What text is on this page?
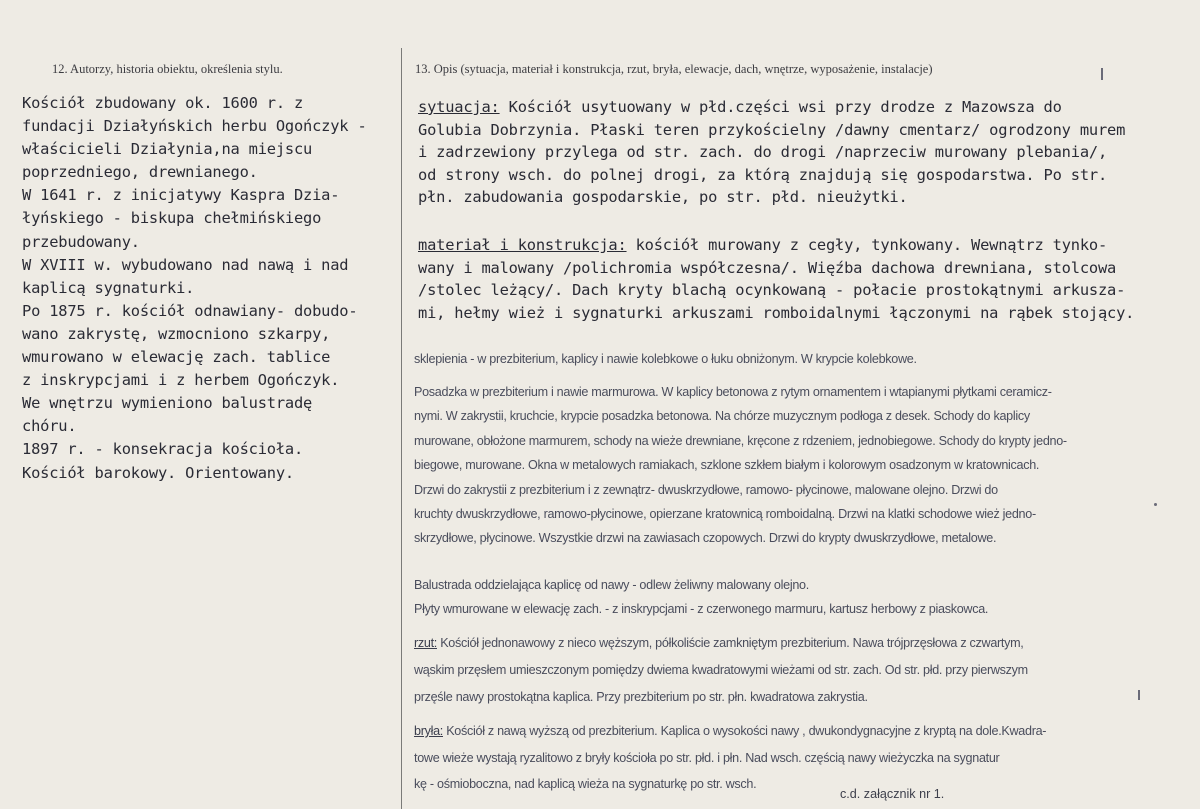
12. Autorzy, historia obiektu, określenia stylu.	13. Opis (sytuacja, materiał i konstrukcja, rzut, bryła, elewacje, dach, wnętrze, wyposażenie, instalacje)
Kościół zbudowany ok. 1600 r. z
fundacji Działyńskich herbu Ogończyk -
właścicieli Działynia,na miejscu
poprzedniego, drewnianego.
W 1641 r. z inicjatywy Kaspra Dzia-
łyńskiego - biskupa chełmińskiego
przebudowany.
W XVIII w. wybudowano nad nawą i nad
kaplicą sygnaturki.
Po 1875 r. kościół odnawiany- dobudo-
wano zakrystę, wzmocniono szkarpy,
wmurowano w elewację zach. tablice
z inskrypcjami i z herbem Ogończyk.
We wnętrzu wymieniono balustradę
chóru.
1897 r. - konsekracja kościoła.
Kościół barokowy. Orientowany.
sytuacja: Kościół usytuowany w płd.części wsi przy drodze z Mazowsza do
Golubia Dobrzynia. Płaski teren przykościelny /dawny cmentarz/ ogrodzony murem
i zadrzewiony przylega od str. zach. do drogi /naprzeciw murowany plebania/,
od strony wsch. do polnej drogi, za którą znajdują się gospodarstwa. Po str.
płn. zabudowania gospodarskie, po str. płd. nieużytki.
materiał i konstrukcja: kościół murowany z cegły, tynkowany. Wewnątrz tynko-
wany i malowany /polichromia współczesna/. Więźba dachowa drewniana, stolcowa
/stolec leżący/. Dach kryty blachą ocynkowaną - połacie prostokątnymi arkusza-
mi, hełmy wież i sygnaturki arkuszami romboidalnymi łączonymi na rąbek stojący.
sklepienia - w prezbiterium, kaplicy i nawie kolebkowe o łuku obniżonym. W krypcie kolebkowe.
Posadzka w prezbiterium i nawie marmurowa. W kaplicy betonowa z rytym ornamentem i wtapianymi płytkami ceramicz-
nymi. W zakrystii, kruchcie, krypcie posadzka betonowa. Na chórze muzycznym podłoga z desek. Schody do kaplicy
murowane, obłożone marmurem, schody na wieże drewniane, kręcone z rdzeniem, jednobiegowe. Schody do krypty jedno-
biegowe, murowane. Okna w metalowych ramiakach, szklone szkłem białym i kolorowym osadzonym w kratownicach.
Drzwi do zakrystii z prezbiterium i z zewnątrz- dwuskrzydłowe, ramowo- płycinowe, malowane olejno. Drzwi do
kruchty dwuskrzydłowe, ramowo-płycinowe, opierzane kratownicą romboidalną. Drzwi na klatki schodowe wież jedno-
skrzydłowe, płycinowe. Wszystkie drzwi na zawiasach czopowych. Drzwi do krypty dwuskrzydłowe, metalowe.
Balustrada oddzielająca kaplicę od nawy - odlew żeliwny malowany olejno.
Płyty wmurowane w elewację zach. - z inskrypcjami - z czerwonego marmuru, kartusz herbowy z piaskowca.
rzut: Kościół jednonawowy z nieco węższym, półkoliście zamkniętym prezbiterium. Nawa trójprzęsłowa z czwartym,
wąskim przęsłem umieszczonym pomiędzy dwiema kwadratowymi wieżami od str. zach. Od str. płd. przy pierwszym
przęśle nawy prostokątna kaplica. Przy prezbiterium po str. płn. kwadratowa zakrystia.
bryła: Kościół z nawą wyższą od prezbiterium. Kaplica o wysokości nawy , dwukondygnacyjne z kryptą na dole.Kwadra-
towe wieże wystają ryzalitowo z bryły kościoła po str. płd. i płn. Nad wsch. częścią nawy wieżyczka na sygnatur
kę - ośmioboczna, nad kaplicą wieża na sygnaturkę po str. wsch.
c.d. załącznik nr 1.
